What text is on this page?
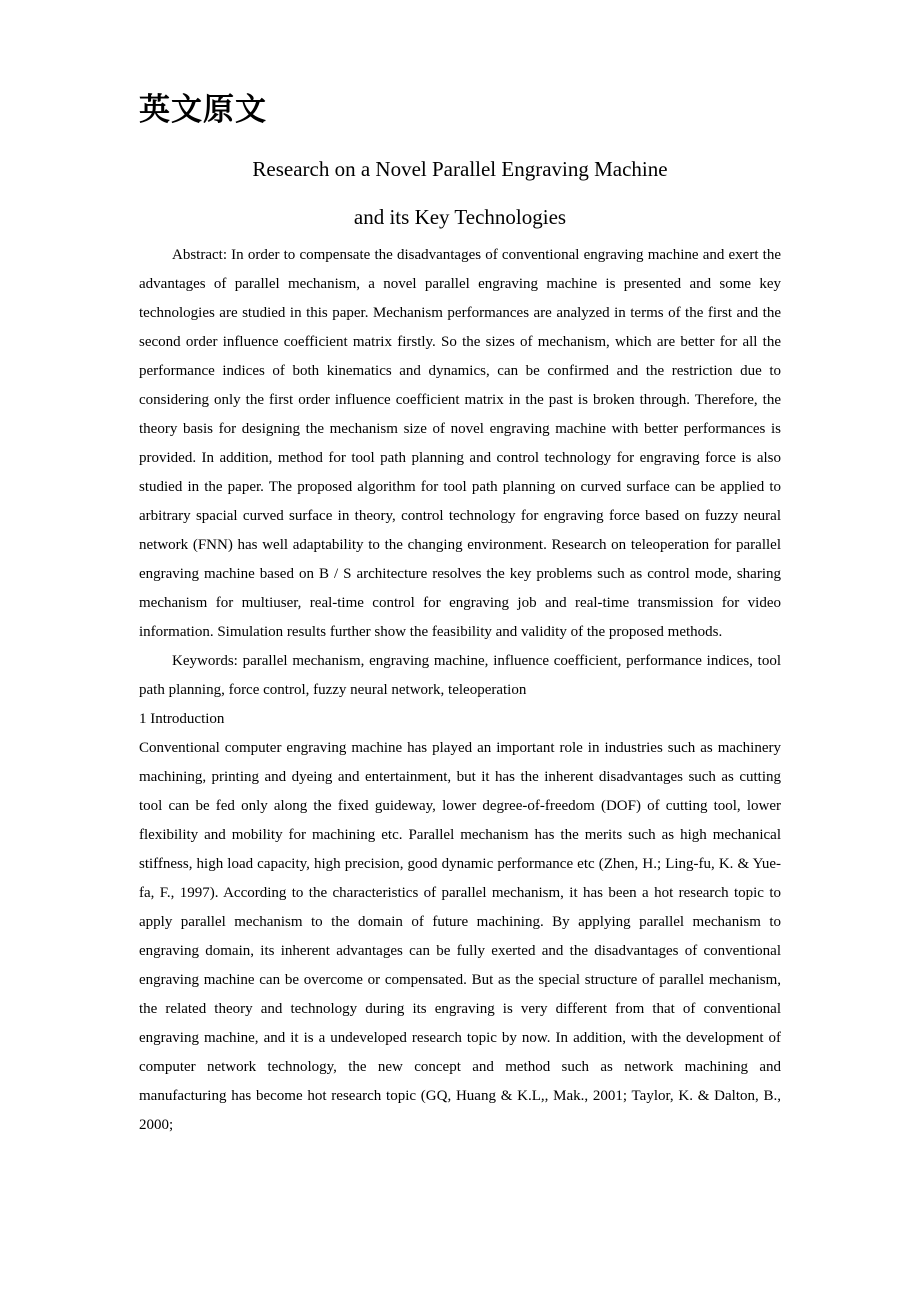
英文原文

Research on a Novel Parallel Engraving Machine

and its Key Technologies

Abstract: In order to compensate the disadvantages of conventional engraving machine and exert the advantages of parallel mechanism, a novel parallel engraving machine is presented and some key technologies are studied in this paper. Mechanism performances are analyzed in terms of the first and the second order influence coefficient matrix firstly. So the sizes of mechanism, which are better for all the performance indices of both kinematics and dynamics, can be confirmed and the restriction due to considering only the first order influence coefficient matrix in the past is broken through. Therefore, the theory basis for designing the mechanism size of novel engraving machine with better performances is provided. In addition, method for tool path planning and control technology for engraving force is also studied in the paper. The proposed algorithm for tool path planning on curved surface can be applied to arbitrary spacial curved surface in theory, control technology for engraving force based on fuzzy neural network (FNN) has well adaptability to the changing environment. Research on teleoperation for parallel engraving machine based on B / S architecture resolves the key problems such as control mode, sharing mechanism for multiuser, real-time control for engraving job and real-time transmission for video information. Simulation results further show the feasibility and validity of the proposed methods.

Keywords: parallel mechanism, engraving machine, influence coefficient, performance indices, tool path planning, force control, fuzzy neural network, teleoperation

1 Introduction

Conventional computer engraving machine has played an important role in industries such as machinery machining, printing and dyeing and entertainment, but it has the inherent disadvantages such as cutting tool can be fed only along the fixed guideway, lower degree-of-freedom (DOF) of cutting tool, lower flexibility and mobility for machining etc. Parallel mechanism has the merits such as high mechanical stiffness, high load capacity, high precision, good dynamic performance etc (Zhen, H.; Ling-fu, K. & Yue-fa, F., 1997). According to the characteristics of parallel mechanism, it has been a hot research topic to apply parallel mechanism to the domain of future machining. By applying parallel mechanism to engraving domain, its inherent advantages can be fully exerted and the disadvantages of conventional engraving machine can be overcome or compensated. But as the special structure of parallel mechanism, the related theory and technology during its engraving is very different from that of conventional engraving machine, and it is a undeveloped research topic by now. In addition, with the development of computer network technology, the new concept and method such as network machining and manufacturing has become hot research topic (GQ, Huang & K.L,, Mak., 2001; Taylor, K. & Dalton, B., 2000;
